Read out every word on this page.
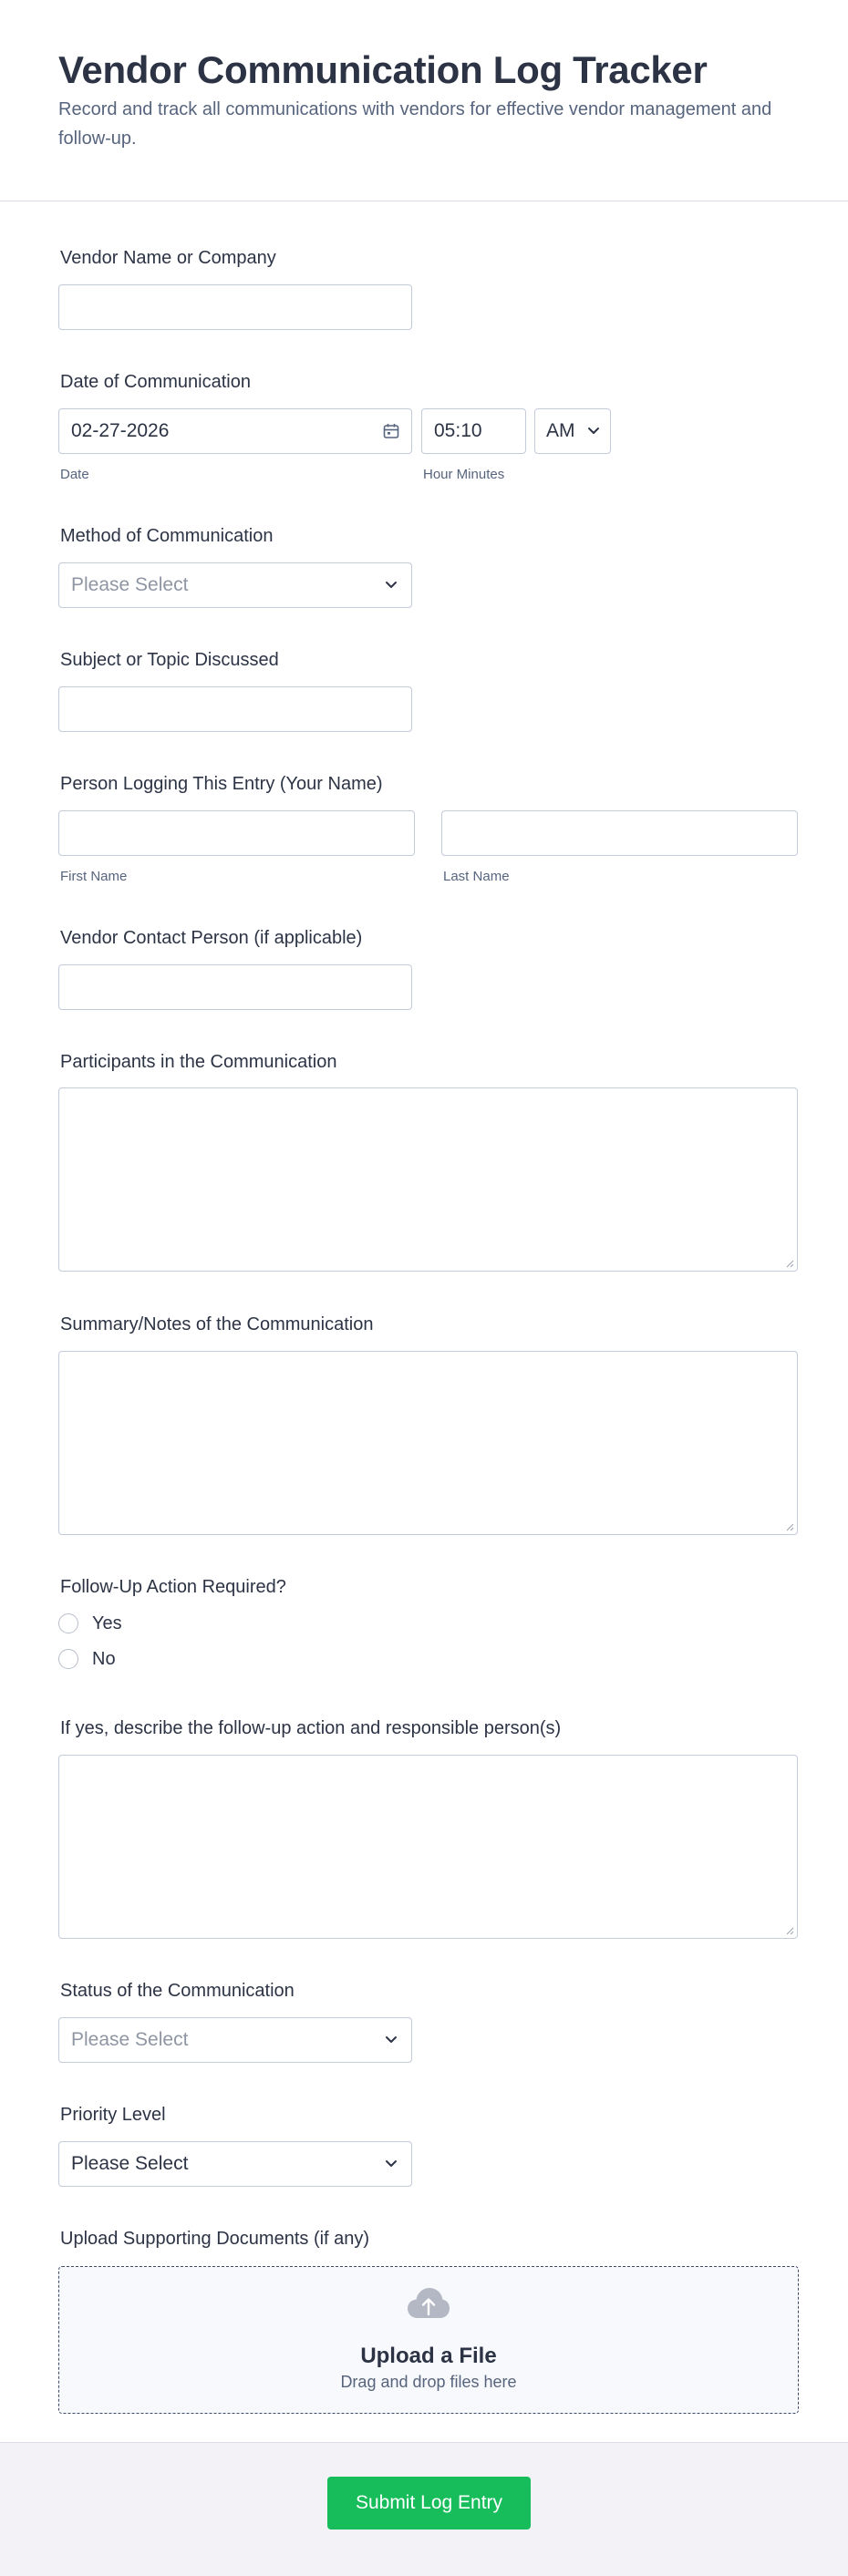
Vendor Communication Log Tracker
Record and track all communications with vendors for effective vendor management and follow-up.
Vendor Name or Company
Date of Communication
02-27-2026
Date
05:10
Hour Minutes
AM
Method of Communication
Please Select
Subject or Topic Discussed
Person Logging This Entry (Your Name)
First Name	Last Name
Vendor Contact Person (if applicable)
Participants in the Communication
Summary/Notes of the Communication
Follow-Up Action Required?
Yes
No
If yes, describe the follow-up action and responsible person(s)
Status of the Communication
Please Select
Priority Level
Please Select
Upload Supporting Documents (if any)
Upload a File
Drag and drop files here
Submit Log Entry
